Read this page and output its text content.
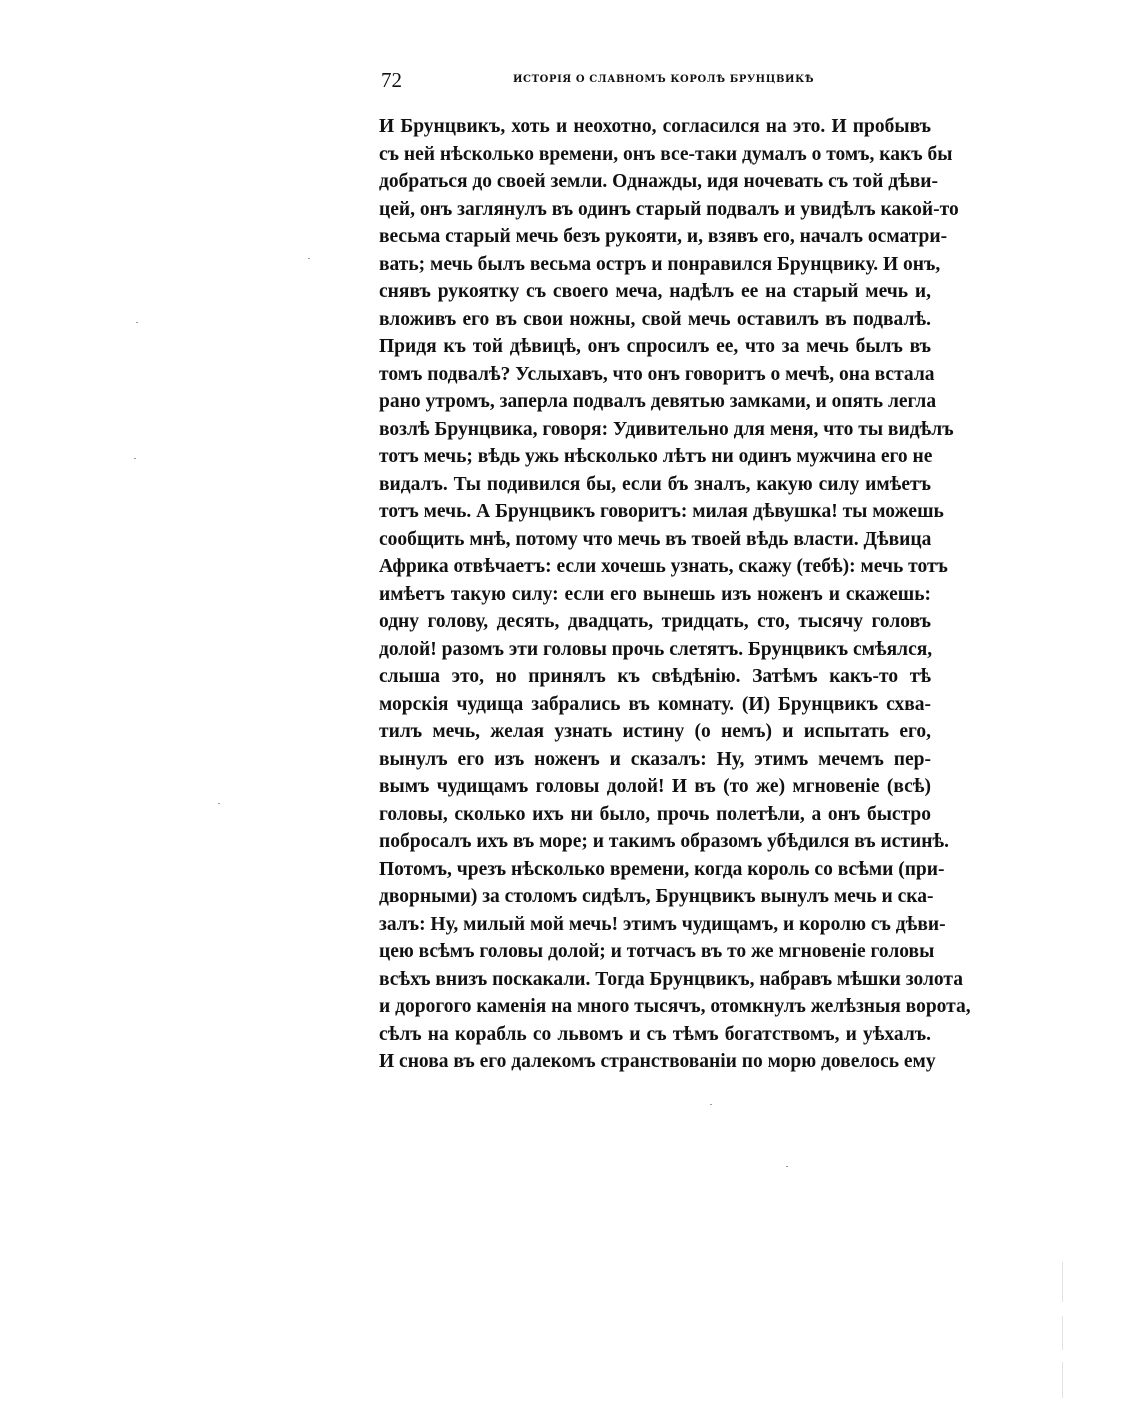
72	ИСТОРІЯ О СЛАВНОМЪ КОРОЛѢ БРУНЦВИКѢ
И Брунцвикъ, хоть и неохотно, согласился на это. И пробывъ
съ ней нѣсколько времени, онъ все-таки думалъ о томъ, какъ бы
добраться до своей земли. Однажды, идя ночевать съ той дѣви-
цей, онъ заглянулъ въ одинъ старый подвалъ и увидѣлъ какой-то
весьма старый мечь безъ рукояти, и, взявъ его, началъ осматри-
вать; мечь былъ весьма остръ и понравился Брунцвику. И онъ,
снявъ рукоятку съ своего меча, надѣлъ ее на старый мечь и,
вложивъ его въ свои ножны, свой мечь оставилъ въ подвалѣ.
Придя къ той дѣвицѣ, онъ спросилъ ее, что за мечь былъ въ
томъ подвалѣ? Услыхавъ, что онъ говоритъ о мечѣ, она встала
рано утромъ, заперла подвалъ девятью замками, и опять легла
возлѣ Брунцвика, говоря: Удивительно для меня, что ты видѣлъ
тотъ мечь; вѣдь ужь нѣсколько лѣтъ ни одинъ мужчина его не
видалъ. Ты подивился бы, если бъ зналъ, какую силу имѣетъ
тотъ мечь. А Брунцвикъ говоритъ: милая дѣвушка! ты можешь
сообщить мнѣ, потому что мечь въ твоей вѣдь власти. Дѣвица
Африка отвѣчаетъ: если хочешь узнать, скажу (тебѣ): мечь тотъ
имѣетъ такую силу: если его вынешь изъ ноженъ и скажешь:
одну голову, десять, двадцать, тридцать, сто, тысячу головъ
долой! разомъ эти головы прочь слетятъ. Брунцвикъ смѣялся,
слыша это, но принялъ къ свѣдѣнію. Затѣмъ какъ-то тѣ
морскія чудища забрались въ комнату. (И) Брунцвикъ схва-
тилъ мечь, желая узнать истину (о немъ) и испытать его,
вынулъ его изъ ноженъ и сказалъ: Ну, этимъ мечемъ пер-
вымъ чудищамъ головы долой! И въ (то же) мгновеніе (всѣ)
головы, сколько ихъ ни было, прочь полетѣли, а онъ быстро
побросалъ ихъ въ море; и такимъ образомъ убѣдился въ истинѣ.
Потомъ, чрезъ нѣсколько времени, когда король со всѣми (при-
дворными) за столомъ сидѣлъ, Брунцвикъ вынулъ мечь и ска-
залъ: Ну, милый мой мечь! этимъ чудищамъ, и королю съ дѣви-
цею всѣмъ головы долой; и тотчасъ въ то же мгновеніе головы
всѣхъ внизъ поскакали. Тогда Брунцвикъ, набравъ мѣшки золота
и дорогого каменія на много тысячъ, отомкнулъ желѣзныя ворота,
сѣлъ на корабль со львомъ и съ тѣмъ богатствомъ, и уѣхалъ.
И снова въ его далекомъ странствованіи по морю довелось ему
